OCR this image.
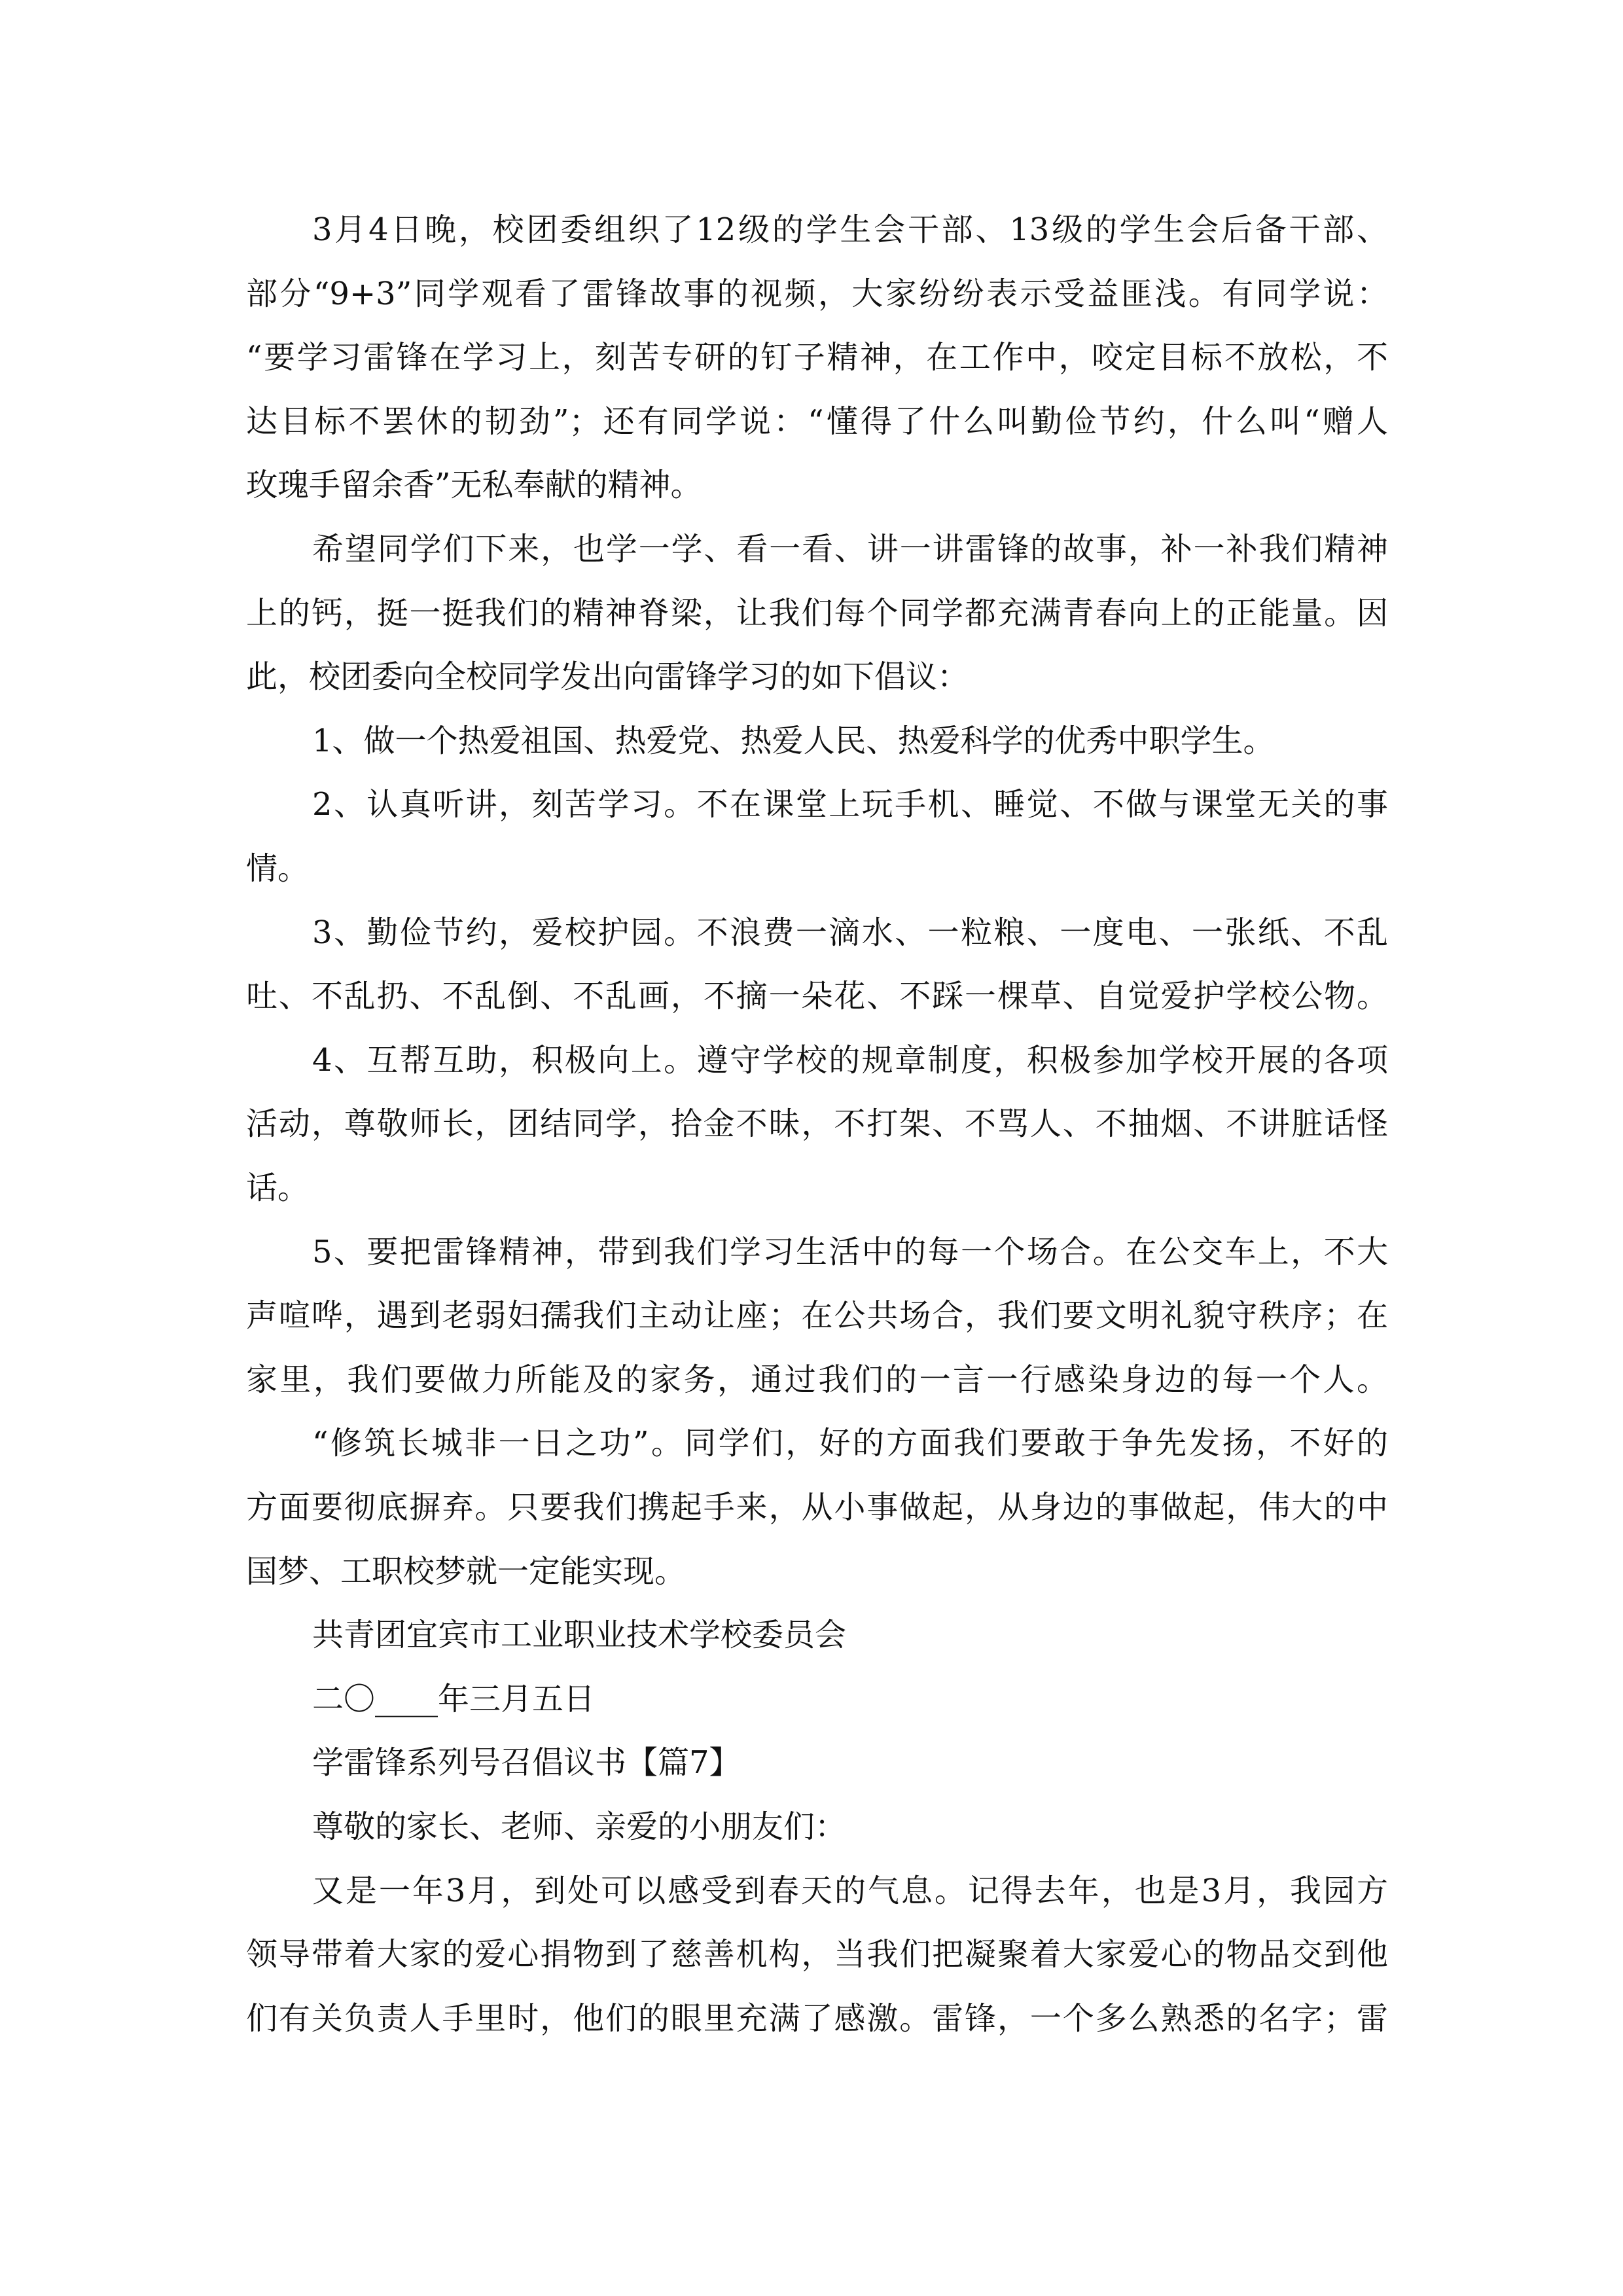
3月4日晚，校团委组织了12级的学生会干部、13级的学生会后备干部、
部分“9+3”同学观看了雷锋故事的视频，大家纷纷表示受益匪浅。有同学说：
“要学习雷锋在学习上，刻苦专研的钉子精神，在工作中，咬定目标不放松，不
达目标不罢休的韧劲”；还有同学说：“懂得了什么叫勤俭节约，什么叫“赠人
玫瑰手留余香”无私奉献的精神。
希望同学们下来，也学一学、看一看、讲一讲雷锋的故事，补一补我们精神
上的钙，挺一挺我们的精神脊梁，让我们每个同学都充满青春向上的正能量。因
此，校团委向全校同学发出向雷锋学习的如下倡议：
1、做一个热爱祖国、热爱党、热爱人民、热爱科学的优秀中职学生。
2、认真听讲，刻苦学习。不在课堂上玩手机、睡觉、不做与课堂无关的事
情。
3、勤俭节约，爱校护园。不浪费一滴水、一粒粮、一度电、一张纸、不乱
吐、不乱扔、不乱倒、不乱画，不摘一朵花、不踩一棵草、自觉爱护学校公物。
4、互帮互助，积极向上。遵守学校的规章制度，积极参加学校开展的各项
活动，尊敬师长，团结同学，拾金不昧，不打架、不骂人、不抽烟、不讲脏话怪
话。
5、要把雷锋精神，带到我们学习生活中的每一个场合。在公交车上，不大
声喧哗，遇到老弱妇孺我们主动让座；在公共场合，我们要文明礼貌守秩序；在
家里，我们要做力所能及的家务，通过我们的一言一行感染身边的每一个人。
“修筑长城非一日之功”。同学们，好的方面我们要敢于争先发扬，不好的
方面要彻底摒弃。只要我们携起手来，从小事做起，从身边的事做起，伟大的中
国梦、工职校梦就一定能实现。
共青团宜宾市工业职业技术学校委员会
二〇____年三月五日
学雷锋系列号召倡议书【篇7】
尊敬的家长、老师、亲爱的小朋友们：
又是一年3月，到处可以感受到春天的气息。记得去年，也是3月，我园方
领导带着大家的爱心捐物到了慈善机构，当我们把凝聚着大家爱心的物品交到他
们有关负责人手里时，他们的眼里充满了感激。雷锋，一个多么熟悉的名字；雷
